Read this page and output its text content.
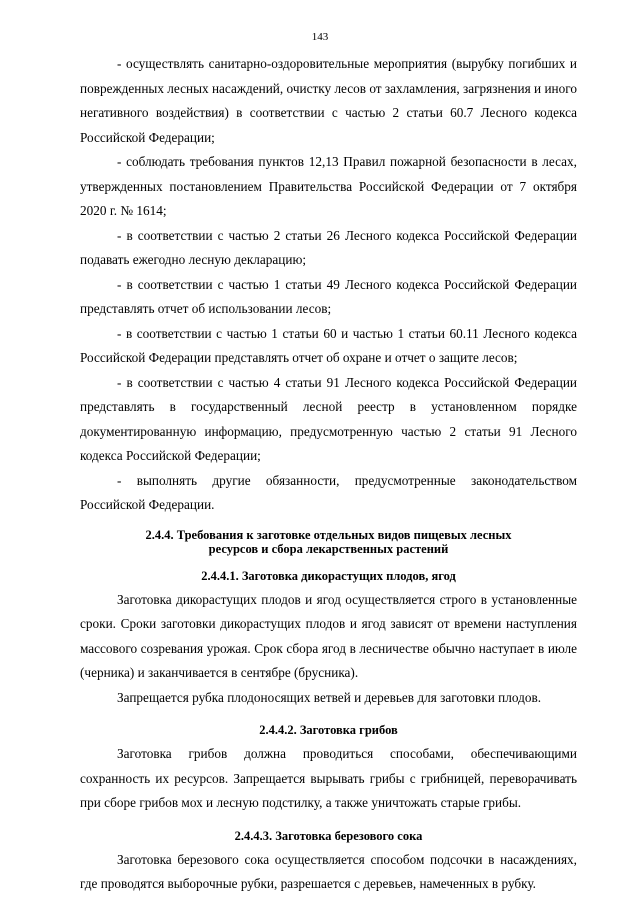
143

- осуществлять санитарно-оздоровительные мероприятия (вырубку погибших и поврежденных лесных насаждений, очистку лесов от захламления, загрязнения и иного негативного воздействия) в соответствии с частью 2 статьи 60.7 Лесного кодекса Российской Федерации;

- соблюдать требования пунктов 12,13 Правил пожарной безопасности в лесах, утвержденных постановлением Правительства Российской Федерации от 7 октября 2020 г. № 1614;

- в соответствии с частью 2 статьи 26 Лесного кодекса Российской Федерации подавать ежегодно лесную декларацию;

- в соответствии с частью 1 статьи 49 Лесного кодекса Российской Федерации представлять отчет об использовании лесов;

- в соответствии с частью 1 статьи 60 и частью 1 статьи 60.11 Лесного кодекса Российской Федерации представлять отчет об охране и отчет о защите лесов;

- в соответствии с частью 4 статьи 91 Лесного кодекса Российской Федерации представлять в государственный лесной реестр в установленном порядке документированную информацию, предусмотренную частью 2 статьи 91 Лесного кодекса Российской Федерации;

- выполнять другие обязанности, предусмотренные законодательством Российской Федерации.

2.4.4. Требования к заготовке отдельных видов пищевых лесных
ресурсов и сбора лекарственных растений
2.4.4.1. Заготовка дикорастущих плодов, ягод

Заготовка дикорастущих плодов и ягод осуществляется строго в установленные сроки. Сроки заготовки дикорастущих плодов и ягод зависят от времени наступления массового созревания урожая. Срок сбора ягод в лесничестве обычно наступает в июле (черника) и заканчивается в сентябре (брусника).

Запрещается рубка плодоносящих ветвей и деревьев для заготовки плодов.

2.4.4.2. Заготовка грибов

Заготовка грибов должна проводиться способами, обеспечивающими сохранность их ресурсов. Запрещается вырывать грибы с грибницей, переворачивать при сборе грибов мох и лесную подстилку, а также уничтожать старые грибы.

2.4.4.3. Заготовка березового сока

Заготовка березового сока осуществляется способом подсочки в насаждениях, где проводятся выборочные рубки, разрешается с деревьев, намеченных в рубку.
